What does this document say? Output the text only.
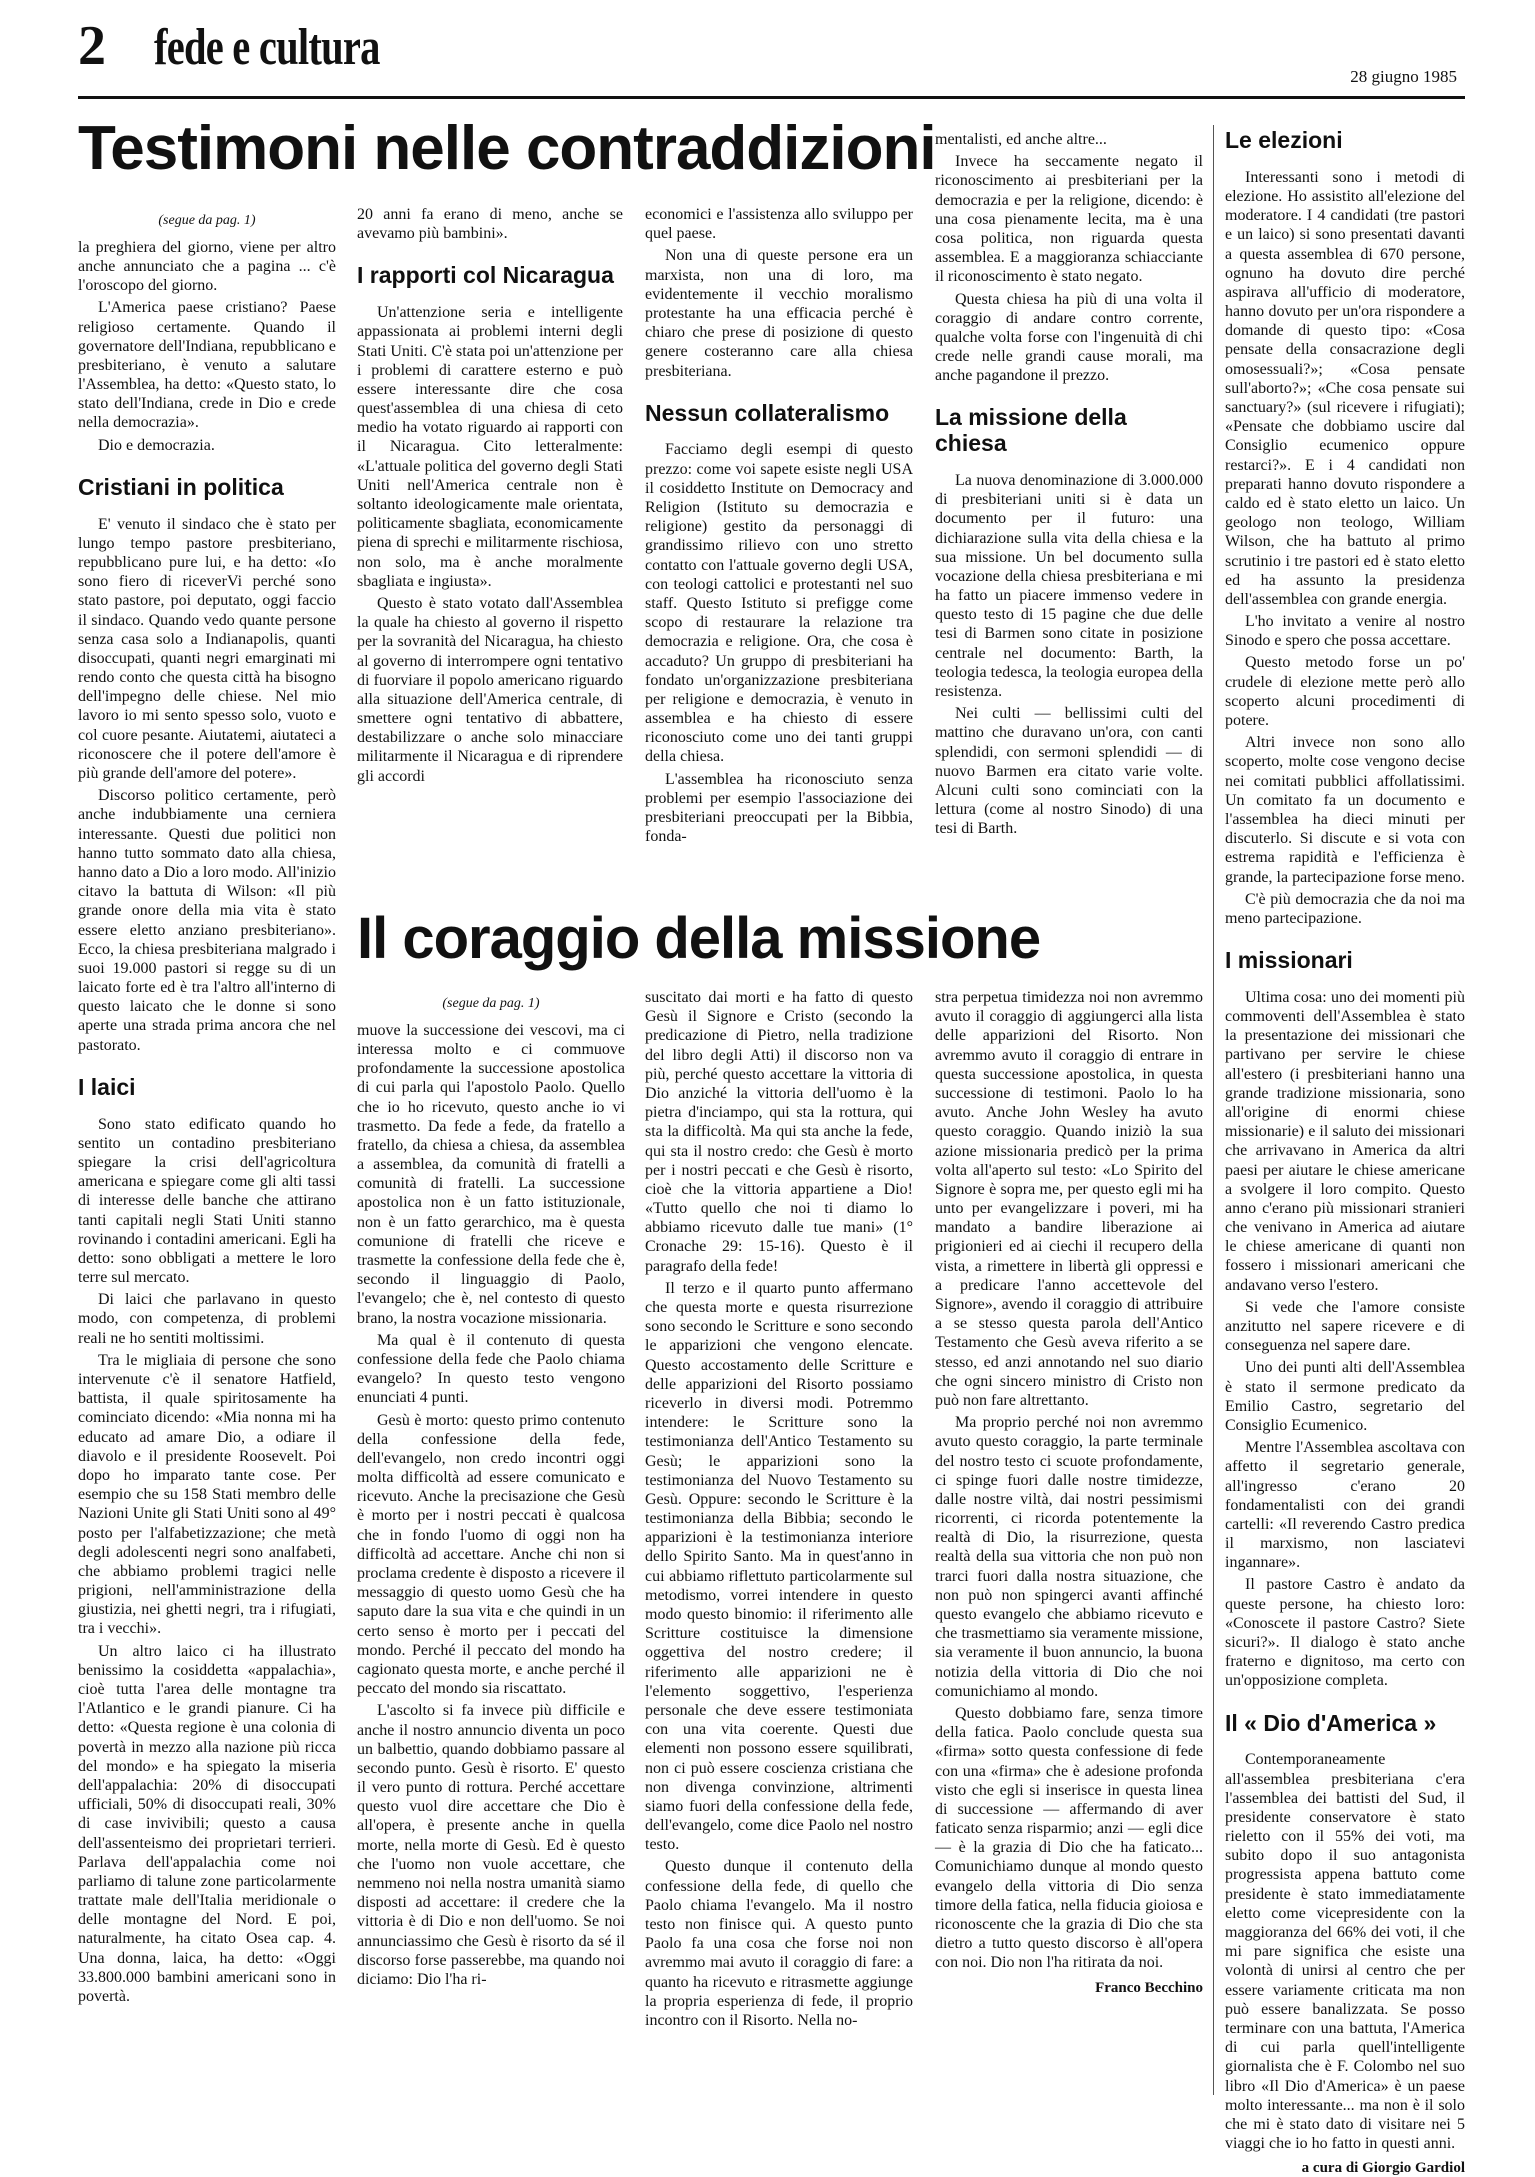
2 fede e cultura
28 giugno 1985
Testimoni nelle contraddizioni
(segue da pag. 1)

la preghiera del giorno, viene per altro anche annunciato che a pagina ... c'è l'oroscopo del giorno.

L'America paese cristiano? Paese religioso certamente. Quando il governatore dell'Indiana, repubblicano e presbiteriano, è venuto a salutare l'Assemblea, ha detto: «Questo stato, lo stato dell'Indiana, crede in Dio e crede nella democrazia».

Dio e democrazia.

Cristiani in politica

E' venuto il sindaco che è stato per lungo tempo pastore presbiteriano, repubblicano pure lui, e ha detto: «Io sono fiero di riceverVi perché sono stato pastore, poi deputato, oggi faccio il sindaco. Quando vedo quante persone senza casa solo a Indianapolis, quanti disoccupati, quanti negri emarginati mi rendo conto che questa città ha bisogno dell'impegno delle chiese. Nel mio lavoro io mi sento spesso solo, vuoto e col cuore pesante. Aiutatemi, aiutateci a riconoscere che il potere dell'amore è più grande dell'amore del potere».

Discorso politico certamente, però anche indubbiamente una cerniera interessante. Questi due politici non hanno tutto sommato dato alla chiesa, hanno dato a Dio a loro modo. All'inizio citavo la battuta di Wilson: «Il più grande onore della mia vita è stato essere eletto anziano presbiteriano». Ecco, la chiesa presbiteriana malgrado i suoi 19.000 pastori si regge su di un laicato forte ed è tra l'altro all'interno di questo laicato che le donne si sono aperte una strada prima ancora che nel pastorato.

I laici

Sono stato edificato quando ho sentito un contadino presbiteriano spiegare la crisi dell'agricoltura americana e spiegare come gli alti tassi di interesse delle banche che attirano tanti capitali negli Stati Uniti stanno rovinando i contadini americani. Egli ha detto: sono obbligati a mettere le loro terre sul mercato.

Di laici che parlavano in questo modo, con competenza, di problemi reali ne ho sentiti moltissimi.

Tra le migliaia di persone che sono intervenute c'è il senatore Hatfield, battista, il quale spiritosamente ha cominciato dicendo: «Mia nonna mi ha educato ad amare Dio, a odiare il diavolo e il presidente Roosevelt. Poi dopo ho imparato tante cose. Per esempio che su 158 Stati membro delle Nazioni Unite gli Stati Uniti sono al 49° posto per l'alfabetizzazione; che metà degli adolescenti negri sono analfabeti, che abbiamo problemi tragici nelle prigioni, nell'amministrazione della giustizia, nei ghetti negri, tra i rifugiati, tra i vecchi».

Un altro laico ci ha illustrato benissimo la cosiddetta «appalachia», cioè tutta l'area delle montagne tra l'Atlantico e le grandi pianure. Ci ha detto: «Questa regione è una colonia di povertà in mezzo alla nazione più ricca del mondo» e ha spiegato la miseria dell'appalachia: 20% di disoccupati ufficiali, 50% di disoccupati reali, 30% di case invivibili; questo a causa dell'assenteismo dei proprietari terrieri. Parlava dell'appalachia come noi parliamo di talune zone particolarmente trattate male dell'Italia meridionale o delle montagne del Nord. E poi, naturalmente, ha citato Osea cap. 4. Una donna, laica, ha detto: «Oggi 33.800.000 bambini americani sono in povertà.

20 anni fa erano di meno, anche se avevamo più bambini».

I rapporti col Nicaragua

Un'attenzione seria e intelligente appassionata ai problemi interni degli Stati Uniti. C'è stata poi un'attenzione per i problemi di carattere esterno e può essere interessante dire che cosa quest'assemblea di una chiesa di ceto medio ha votato riguardo ai rapporti con il Nicaragua. Cito letteralmente: «L'attuale politica del governo degli Stati Uniti nell'America centrale non è soltanto ideologicamente male orientata, politicamente sbagliata, economicamente piena di sprechi e militarmente rischiosa, non solo, ma è anche moralmente sbagliata e ingiusta».

Questo è stato votato dall'Assemblea la quale ha chiesto al governo il rispetto per la sovranità del Nicaragua, ha chiesto al governo di interrompere ogni tentativo di fuorviare il popolo americano riguardo alla situazione dell'America centrale, di smettere ogni tentativo di abbattere, destabilizzare o anche solo minacciare militarmente il Nicaragua e di riprendere gli accordi

economici e l'assistenza allo sviluppo per quel paese.

Non una di queste persone era un marxista, non una di loro, ma evidentemente il vecchio moralismo protestante ha una efficacia perché è chiaro che prese di posizione di questo genere costeranno care alla chiesa presbiteriana.

Nessun collateralismo

Facciamo degli esempi di questo prezzo: come voi sapete esiste negli USA il cosiddetto Institute on Democracy and Religion (Istituto su democrazia e religione) gestito da personaggi di grandissimo rilievo con uno stretto contatto con l'attuale governo degli USA, con teologi cattolici e protestanti nel suo staff. Questo Istituto si prefigge come scopo di restaurare la relazione tra democrazia e religione. Ora, che cosa è accaduto? Un gruppo di presbiteriani ha fondato un'organizzazione presbiteriana per religione e democrazia, è venuto in assemblea e ha chiesto di essere riconosciuto come uno dei tanti gruppi della chiesa.

L'assemblea ha riconosciuto senza problemi per esempio l'associazione dei presbiteriani preoccupati per la Bibbia, fonda-

mentalisti, ed anche altre...

Invece ha seccamente negato il riconoscimento ai presbiteriani per la democrazia e per la religione, dicendo: è una cosa pienamente lecita, ma è una cosa politica, non riguarda questa assemblea. E a maggioranza schiacciante il riconoscimento è stato negato.

Questa chiesa ha più di una volta il coraggio di andare contro corrente, qualche volta forse con l'ingenuità di chi crede nelle grandi cause morali, ma anche pagandone il prezzo.

La missione della chiesa

La nuova denominazione di 3.000.000 di presbiteriani uniti si è data un documento per il futuro: una dichiarazione sulla vita della chiesa e la sua missione. Un bel documento sulla vocazione della chiesa presbiteriana e mi ha fatto un piacere immenso vedere in questo testo di 15 pagine che due delle tesi di Barmen sono citate in posizione centrale nel documento: Barth, la teologia tedesca, la teologia europea della resistenza.

Nei culti — bellissimi culti del mattino che duravano un'ora, con canti splendidi, con sermoni splendidi — di nuovo Barmen era citato varie volte. Alcuni culti sono cominciati con la lettura (come al nostro Sinodo) di una tesi di Barth.

Le elezioni

Interessanti sono i metodi di elezione. Ho assistito all'elezione del moderatore. I 4 candidati (tre pastori e un laico) si sono presentati davanti a questa assemblea di 670 persone, ognuno ha dovuto dire perché aspirava all'ufficio di moderatore, hanno dovuto per un'ora rispondere a domande di questo tipo: «Cosa pensate della consacrazione degli omosessuali?»; «Cosa pensate sull'aborto?»; «Che cosa pensate sui sanctuary?» (sul ricevere i rifugiati); «Pensate che dobbiamo uscire dal Consiglio ecumenico oppure restarci?». E i 4 candidati non preparati hanno dovuto rispondere a caldo ed è stato eletto un laico. Un geologo non teologo, William Wilson, che ha battuto al primo scrutinio i tre pastori ed è stato eletto ed ha assunto la presidenza dell'assemblea con grande energia.

L'ho invitato a venire al nostro Sinodo e spero che possa accettare.

Questo metodo forse un po' crudele di elezione mette però allo scoperto alcuni procedimenti di potere.

Altri invece non sono allo scoperto, molte cose vengono decise nei comitati pubblici affollatissimi. Un comitato fa un documento e l'assemblea ha dieci minuti per discuterlo. Si discute e si vota con estrema rapidità e l'efficienza è grande, la partecipazione forse meno.

C'è più democrazia che da noi ma meno partecipazione.

I missionari

Ultima cosa: uno dei momenti più commoventi dell'Assemblea è stato la presentazione dei missionari che partivano per servire le chiese all'estero (i presbiteriani hanno una grande tradizione missionaria, sono all'origine di enormi chiese missionarie) e il saluto dei missionari che arrivavano in America da altri paesi per aiutare le chiese americane a svolgere il loro compito. Questo anno c'erano più missionari stranieri che venivano in America ad aiutare le chiese americane di quanti non fossero i missionari americani che andavano verso l'estero.

Si vede che l'amore consiste anzitutto nel sapere ricevere e di conseguenza nel sapere dare.

Uno dei punti alti dell'Assemblea è stato il sermone predicato da Emilio Castro, segretario del Consiglio Ecumenico.

Mentre l'Assemblea ascoltava con affetto il segretario generale, all'ingresso c'erano 20 fondamentalisti con dei grandi cartelli: «Il reverendo Castro predica il marxismo, non lasciatevi ingannare».

Il pastore Castro è andato da queste persone, ha chiesto loro: «Conoscete il pastore Castro? Siete sicuri?». Il dialogo è stato anche fraterno e dignitoso, ma certo con un'opposizione completa.

Il « Dio d'America »

Contemporaneamente all'assemblea presbiteriana c'era l'assemblea dei battisti del Sud, il presidente conservatore è stato rieletto con il 55% dei voti, ma subito dopo il suo antagonista progressista appena battuto come presidente è stato immediatamente eletto come vicepresidente con la maggioranza del 66% dei voti, il che mi pare significa che esiste una volontà di unirsi al centro che per essere variamente criticata ma non può essere banalizzata. Se posso terminare con una battuta, l'America di cui parla quell'intelligente giornalista che è F. Colombo nel suo libro «Il Dio d'America» è un paese molto interessante... ma non è il solo che mi è stato dato di visitare nei 5 viaggi che io ho fatto in questi anni.

a cura di Giorgio Gardiol
Il coraggio della missione
(segue da pag. 1)

muove la successione dei vescovi, ma ci interessa molto e ci commuove profondamente la successione apostolica di cui parla qui l'apostolo Paolo. Quello che io ho ricevuto, questo anche io vi trasmetto. Da fede a fede, da fratello a fratello, da chiesa a chiesa, da assemblea a assemblea, da comunità di fratelli a comunità di fratelli. La successione apostolica non è un fatto istituzionale, non è un fatto gerarchico, ma è questa comunione di fratelli che riceve e trasmette la confessione della fede che è, secondo il linguaggio di Paolo, l'evangelo; che è, nel contesto di questo brano, la nostra vocazione missionaria.

Ma qual è il contenuto di questa confessione della fede che Paolo chiama evangelo? In questo testo vengono enunciati 4 punti.

Gesù è morto: questo primo contenuto della confessione della fede, dell'evangelo, non credo incontri oggi molta difficoltà ad essere comunicato e ricevuto. Anche la precisazione che Gesù è morto per i nostri peccati è qualcosa che in fondo l'uomo di oggi non ha difficoltà ad accettare. Anche chi non si proclama credente è disposto a ricevere il messaggio di questo uomo Gesù che ha saputo dare la sua vita e che quindi in un certo senso è morto per i peccati del mondo. Perché il peccato del mondo ha cagionato questa morte, e anche perché il peccato del mondo sia riscattato.

L'ascolto si fa invece più difficile e anche il nostro annuncio diventa un poco un balbettio, quando dobbiamo passare al secondo punto. Gesù è risorto. E' questo il vero punto di rottura. Perché accettare questo vuol dire accettare che Dio è all'opera, è presente anche in quella morte, nella morte di Gesù. Ed è questo che l'uomo non vuole accettare, che nemmeno noi nella nostra umanità siamo disposti ad accettare: il credere che la vittoria è di Dio e non dell'uomo. Se noi annunciassimo che Gesù è risorto da sé il discorso forse passerebbe, ma quando noi diciamo: Dio l'ha ri-

suscitato dai morti e ha fatto di questo Gesù il Signore e Cristo (secondo la predicazione di Pietro, nella tradizione del libro degli Atti) il discorso non va più, perché questo accettare la vittoria di Dio anziché la vittoria dell'uomo è la pietra d'inciampo, qui sta la rottura, qui sta la difficoltà. Ma qui sta anche la fede, qui sta il nostro credo: che Gesù è morto per i nostri peccati e che Gesù è risorto, cioè che la vittoria appartiene a Dio! «Tutto quello che noi ti diamo lo abbiamo ricevuto dalle tue mani» (1° Cronache 29: 15-16). Questo è il paragrafo della fede!

Il terzo e il quarto punto affermano che questa morte e questa risurrezione sono secondo le Scritture e sono secondo le apparizioni che vengono elencate. Questo accostamento delle Scritture e delle apparizioni del Risorto possiamo riceverlo in diversi modi. Potremmo intendere: le Scritture sono la testimonianza dell'Antico Testamento su Gesù; le apparizioni sono la testimonianza del Nuovo Testamento su Gesù. Oppure: secondo le Scritture è la testimonianza della Bibbia; secondo le apparizioni è la testimonianza interiore dello Spirito Santo. Ma in quest'anno in cui abbiamo riflettuto particolarmente sul metodismo, vorrei intendere in questo modo questo binomio: il riferimento alle Scritture costituisce la dimensione oggettiva del nostro credere; il riferimento alle apparizioni ne è l'elemento soggettivo, l'esperienza personale che deve essere testimoniata con una vita coerente. Questi due elementi non possono essere squilibrati, non ci può essere coscienza cristiana che non divenga convinzione, altrimenti siamo fuori della confessione della fede, dell'evangelo, come dice Paolo nel nostro testo.

Questo dunque il contenuto della confessione della fede, di quello che Paolo chiama l'evangelo. Ma il nostro testo non finisce qui. A questo punto Paolo fa una cosa che forse noi non avremmo mai avuto il coraggio di fare: a quanto ha ricevuto e ritrasmette aggiunge la propria esperienza di fede, il proprio incontro con il Risorto. Nella no-

stra perpetua timidezza noi non avremmo avuto il coraggio di aggiungerci alla lista delle apparizioni del Risorto. Non avremmo avuto il coraggio di entrare in questa successione apostolica, in questa successione di testimoni. Paolo lo ha avuto. Anche John Wesley ha avuto questo coraggio. Quando iniziò la sua azione missionaria predicò per la prima volta all'aperto sul testo: «Lo Spirito del Signore è sopra me, per questo egli mi ha unto per evangelizzare i poveri, mi ha mandato a bandire liberazione ai prigionieri ed ai ciechi il recupero della vista, a rimettere in libertà gli oppressi e a predicare l'anno accettevole del Signore», avendo il coraggio di attribuire a se stesso questa parola dell'Antico Testamento che Gesù aveva riferito a se stesso, ed anzi annotando nel suo diario che ogni sincero ministro di Cristo non può non fare altrettanto.

Ma proprio perché noi non avremmo avuto questo coraggio, la parte terminale del nostro testo ci scuote profondamente, ci spinge fuori dalle nostre timidezze, dalle nostre viltà, dai nostri pessimismi ricorrenti, ci ricorda potentemente la realtà di Dio, la risurrezione, questa realtà della sua vittoria che non può non trarci fuori dalla nostra situazione, che non può non spingerci avanti affinché questo evangelo che abbiamo ricevuto e che trasmettiamo sia veramente missione, sia veramente il buon annuncio, la buona notizia della vittoria di Dio che noi comunichiamo al mondo.

Questo dobbiamo fare, senza timore della fatica. Paolo conclude questa sua «firma» sotto questa confessione di fede con una «firma» che è adesione profonda visto che egli si inserisce in questa linea di successione — affermando di aver faticato senza risparmio; anzi — egli dice — è la grazia di Dio che ha faticato... Comunichiamo dunque al mondo questo evangelo della vittoria di Dio senza timore della fatica, nella fiducia gioiosa e riconoscente che la grazia di Dio che sta dietro a tutto questo discorso è all'opera con noi. Dio non l'ha ritirata da noi.

Franco Becchino
